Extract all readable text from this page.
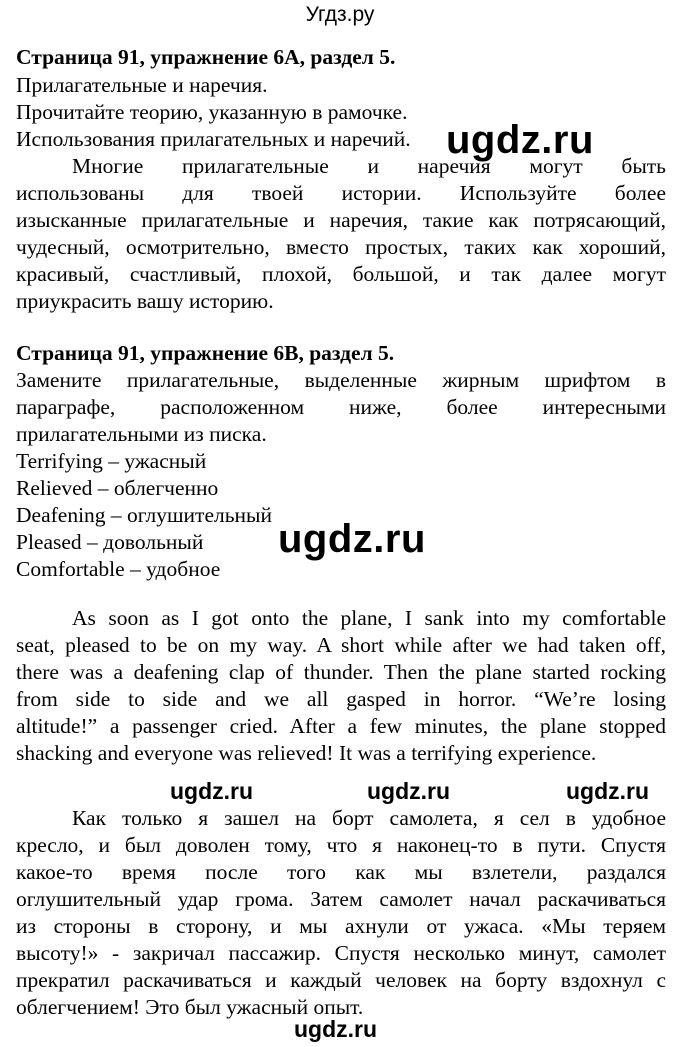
Угдз.ру
Страница 91, упражнение 6A, раздел 5.
Прилагательные и наречия.
Прочитайте теорию, указанную в рамочке.
Использования прилагательных и наречий.
Многие прилагательные и наречия могут быть
использованы для твоей истории. Используйте более
изысканные прилагательные и наречия, такие как потрясающий,
чудесный, осмотрительно, вместо простых, таких как хороший,
красивый, счастливый, плохой, большой, и так далее могут
приукрасить вашу историю.
ugdz.ru
Страница 91, упражнение 6B, раздел 5.
Замените прилагательные, выделенные жирным шрифтом в
параграфе, расположенном ниже, более интересными
прилагательными из писка.
Terrifying – ужасный
Relieved – облегченно
Deafening – оглушительный
Pleased – довольный
Comfortable – удобное
ugdz.ru
As soon as I got onto the plane, I sank into my comfortable
seat, pleased to be on my way. A short while after we had taken off,
there was a deafening clap of thunder. Then the plane started rocking
from side to side and we all gasped in horror. “We’re losing
altitude!” a passenger cried. After a few minutes, the plane stopped
shacking and everyone was relieved! It was a terrifying experience.
ugdz.ru	ugdz.ru	ugdz.ru
Как только я зашел на борт самолета, я сел в удобное
кресло, и был доволен тому, что я наконец-то в пути. Спустя
какое-то время после того как мы взлетели, раздался
оглушительный удар грома. Затем самолет начал раскачиваться
из стороны в сторону, и мы ахнули от ужаса. «Мы теряем
высоту!» - закричал пассажир. Спустя несколько минут, самолет
прекратил раскачиваться и каждый человек на борту вздохнул с
облегчением! Это был ужасный опыт.
ugdz.ru
